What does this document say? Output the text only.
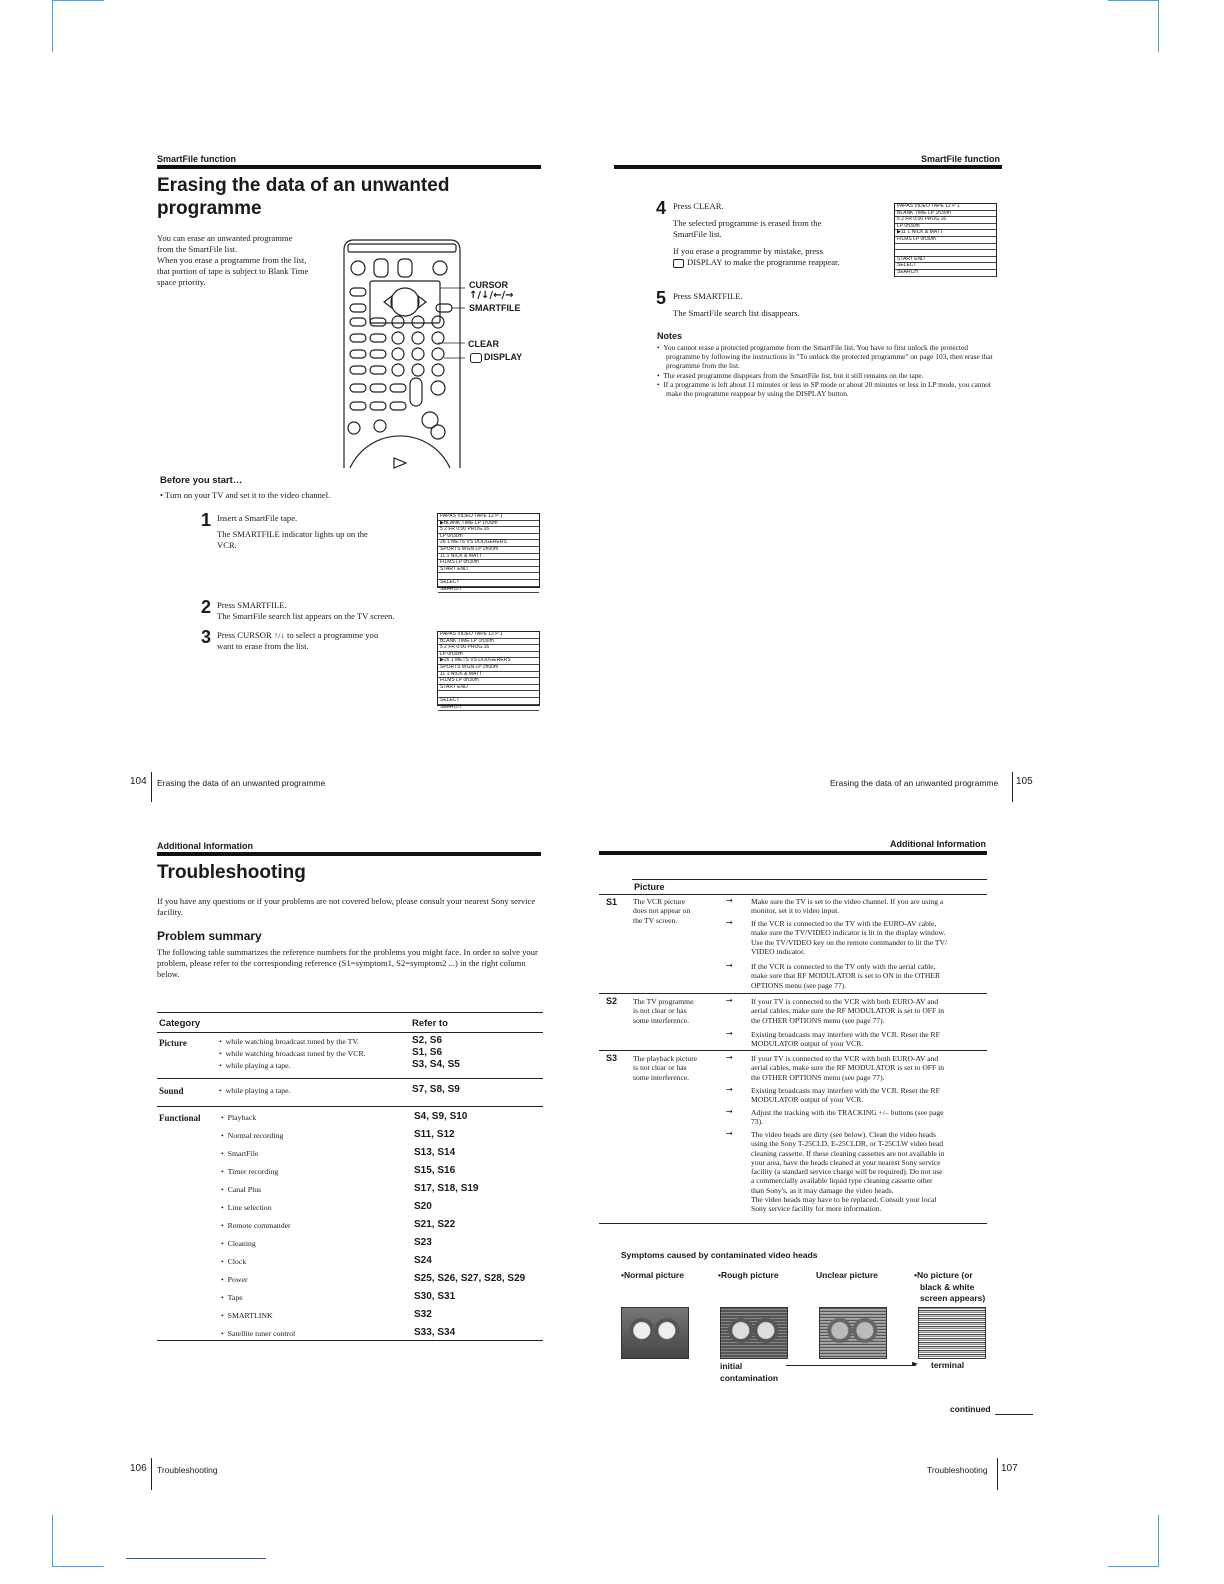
SmartFile function
Erasing the data of an unwanted programme
You can erase an unwanted programme
from the SmartFile list.
When you erase a programme from the list,
that portion of tape is subject to Blank Time
space priority.	CURSOR
↑/↓/←/→
SMARTFILE
CLEAR
DISPLAY
Before you start…
• Turn on your TV and set it to the video channel.
1 Insert a SmartFile tape.
The SMARTFILE indicator lights up on the
VCR.
PAPAS VIDEO TAPE 12 P 1
▶BLANK TIME LP 1h30m
5 2 FR 0:00 PROG 16
LP 0h30m
26 1 METS VS DODGERERS
SPORTS WGN LP 2h00m
11 1 NICK & MATT
FILMS LP 0h30m
START END
SELECT
SEARCH
2 Press SMARTFILE.
The SmartFile search list appears on the TV screen.
3 Press CURSOR ↑/↓ to select a programme you
want to erase from the list.
PAPAS VIDEO TAPE 12 P 1
BLANK TIME LP 1h30m
5 2 FR 0:00 PROG 16
LP 0h30m
▶26 1 METS VS DODGERERS
SPORTS WGN LP 2h00m
11 1 NICK & MATT
FILMS LP 0h30m
START END
SELECT
SEARCH
104 Erasing the data of an unwanted programme
SmartFile function
4 Press CLEAR.
The selected programme is erased from the
SmartFile list.
If you erase a programme by mistake, press
DISPLAY to make the programme reappear.
PAPAS VIDEO TAPE 12 P 1
BLANK TIME LP 1h30m
5 2 FR 0:00 PROG 16
LP 0h30m
▶11 1 NICK & MATT
FILMS LP 0h30m
START END
SELECT
SEARCH
5 Press SMARTFILE.
The SmartFile search list disappears.
Notes
•  You cannot erase a protected programme from the SmartFile list. You have to first unlock the protected programme by following the instructions in "To unlock the protected programme" on page 103, then erase that programme from the list.
•  The erased programme disppears from the SmartFile list, but it still remains on the tape.
•  If a programme is left about 11 minutes or less in SP mode or about 20 minutes or less in LP mode, you cannot make the programme reappear by using the DISPLAY button.
Erasing the data of an unwanted programme 105
Additional Information
Troubleshooting
If you have any questions or if your problems are not covered below, please consult your nearest Sony service facility.
Problem summary
The following table summarizes the reference numbers for the problems you might face. In order to solve your problem, please refer to the corresponding reference (S1=symptom1, S2=symptom2 ...) in the right column below.
Category	Refer to
Picture	•  while watching broadcast tuned by the TV.	S2, S6
•  while watching broadcast tuned by the VCR.	S1, S6
•  while playing a tape.	S3, S4, S5
Sound	•  while playing a tape.	S7, S8, S9
Functional	•  Playback	S4, S9, S10
•  Normal recording	S11, S12
•  SmartFile	S13, S14
•  Timer recording	S15, S16
•  Canal Plus	S17, S18, S19
•  Line selection	S20
•  Remote commander	S21, S22
•  Cleaning	S23
•  Clock	S24
•  Power	S25, S26, S27, S28, S29
•  Tape	S30, S31
•  SMARTLINK	S32
•  Satellite tuner control	S33, S34
106 Troubleshooting
Additional Information
Picture
S1 The VCR picture
does not appear on
the TV screen.
→ Make sure the TV is set to the video channel. If you are using a
monitor, set it to video input.
→ If the VCR is connected to the TV with the EURO-AV cable,
make sure the TV/VIDEO indicator is lit in the display window.
Use the TV/VIDEO key on the remote commander to lit the TV/
VIDEO indicator.
→ If the VCR is connected to the TV only with the aerial cable,
make sure that RF MODULATOR is set to ON in the OTHER
OPTIONS menu (see page 77).
S2 The TV programme
is not clear or has
some interference.
→ If your TV is connected to the VCR with both EURO-AV and
aerial cables, make sure the RF MODULATOR is set to OFF in
the OTHER OPTIONS menu (see page 77).
→ Existing broadcasts may interfere with the VCR. Reset the RF
MODULATOR output of your VCR.
S3 The playback picture
is not clear or has
some interference.
→ If your TV is connected to the VCR with both EURO-AV and
aerial cables, make sure the RF MODULATOR is set to OFF in
the OTHER OPTIONS menu (see page 77).
→ Existing broadcasts may interfere with the VCR. Reset the RF
MODULATOR output of your VCR.
→ Adjust the tracking with the TRACKING +/– buttons (see page
73).
→ The video heads are dirty (see below). Clean the video heads
using the Sony T-25CLD, E-25CLDR, or T-25CLW video head
cleaning cassette. If these cleaning cassettes are not available in
your area, have the heads cleaned at your nearest Sony service
facility (a standard service charge will be required). Do not use
a commercially available liquid type cleaning cassette other
than Sony's, as it may damage the video heads.
The video heads may have to be replaced. Consult your local
Sony service facility for more information.
Symptoms caused by contaminated video heads
•Normal picture	•Rough picture	Unclear picture	•No picture (or
black & white
screen appears)
initial
contamination
► terminal
continued
Troubleshooting 107
